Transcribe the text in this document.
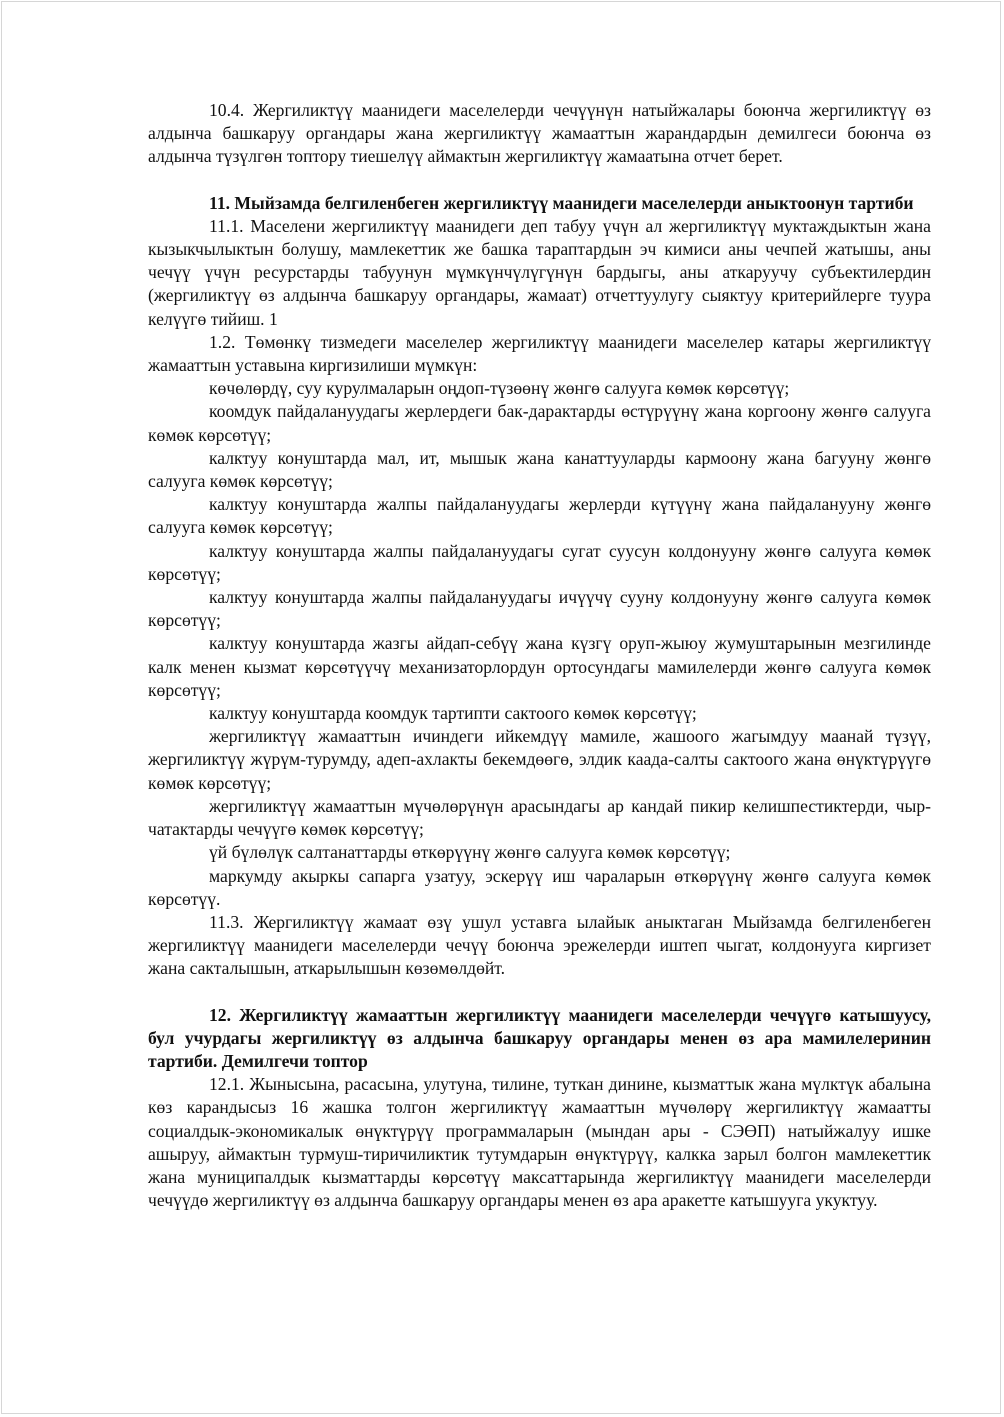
10.4. Жергиликтүү маанидеги маселелерди чечүүнүн натыйжалары боюнча жергиликтүү өз алдынча башкаруу органдары жана жергиликтүү жамааттын жарандардын демилгеси боюнча өз алдынча түзүлгөн топтору тиешелүү аймактын жергиликтүү жамаатына отчет берет.

11. Мыйзамда белгиленбеген жергиликтүү маанидеги маселелерди аныктоонун тартиби

11.1. Маселени жергиликтүү маанидеги деп табуу үчүн ал жергиликтүү муктаждыктын жана кызыкчылыктын болушу, мамлекеттик же башка тараптардын эч кимиси аны чечпей жатышы, аны чечүү үчүн ресурстарды табуунун мүмкүнчүлүгүнүн бардыгы, аны аткаруучу субъектилердин (жергиликтүү өз алдынча башкаруу органдары, жамаат) отчеттуулугу сыяктуу критерийлерге туура келүүгө тийиш. 1

1.2. Төмөнкү тизмедеги маселелер жергиликтүү маанидеги маселелер катары жергиликтүү жамааттын уставына киргизилиши мүмкүн:

көчөлөрдү, суу курулмаларын оңдоп-түзөөнү жөнгө салууга көмөк көрсөтүү;

коомдук пайдалануудагы жерлердеги бак-дарактарды өстүрүүнү жана коргоону жөнгө салууга көмөк көрсөтүү;

калктуу конуштарда мал, ит, мышык жана канаттууларды кармоону жана багууну жөнгө салууга көмөк көрсөтүү;

калктуу конуштарда жалпы пайдалануудагы жерлерди күтүүнү жана пайдаланууну жөнгө салууга көмөк көрсөтүү;

калктуу конуштарда жалпы пайдалануудагы сугат суусун колдонууну жөнгө салууга көмөк көрсөтүү;

калктуу конуштарда жалпы пайдалануудагы ичүүчү сууну колдонууну жөнгө салууга көмөк көрсөтүү;

калктуу конуштарда жазгы айдап-себүү жана күзгү оруп-жыюу жумуштарынын мезгилинде калк менен кызмат көрсөтүүчү механизаторлордун ортосундагы мамилелерди жөнгө салууга көмөк көрсөтүү;

калктуу конуштарда коомдук тартипти сактоого көмөк көрсөтүү;

жергиликтүү жамааттын ичиндеги ийкемдүү мамиле, жашоого жагымдуу маанай түзүү, жергиликтүү жүрүм-турумду, адеп-ахлакты бекемдөөгө, элдик каада-салты сактоого жана өнүктүрүүгө көмөк көрсөтүү;

жергиликтүү жамааттын мүчөлөрүнүн арасындагы ар кандай пикир келишпестиктерди, чыр-чатактарды чечүүгө көмөк көрсөтүү;

үй бүлөлүк салтанаттарды өткөрүүнү жөнгө салууга көмөк көрсөтүү;

маркумду акыркы сапарга узатуу, эскерүү иш чараларын өткөрүүнү жөнгө салууга көмөк көрсөтүү.

11.3. Жергиликтүү жамаат өзү ушул уставга ылайык аныктаган Мыйзамда белгиленбеген жергиликтүү маанидеги маселелерди чечүү боюнча эрежелерди иштеп чыгат, колдонууга киргизет жана сакталышын, аткарылышын көзөмөлдөйт.

12. Жергиликтүү жамааттын жергиликтүү маанидеги маселелерди чечүүгө катышуусу, бул учурдагы жергиликтүү өз алдынча башкаруу органдары менен өз ара мамилелеринин тартиби. Демилгечи топтор

12.1. Жынысына, расасына, улутуна, тилине, туткан динине, кызматтык жана мүлктүк абалына көз карандысыз 16 жашка толгон жергиликтүү жамааттын мүчөлөрү жергиликтүү жамаатты социалдык-экономикалык өнүктүрүү программаларын (мындан ары - СЭӨП) натыйжалуу ишке ашыруу, аймактын турмуш-тиричиликтик тутумдарын өнүктүрүү, калкка зарыл болгон мамлекеттик жана муниципалдык кызматтарды көрсөтүү максаттарында жергиликтүү маанидеги маселелерди чечүүдө жергиликтүү өз алдынча башкаруу органдары менен өз ара аракетте катышууга укуктуу.
